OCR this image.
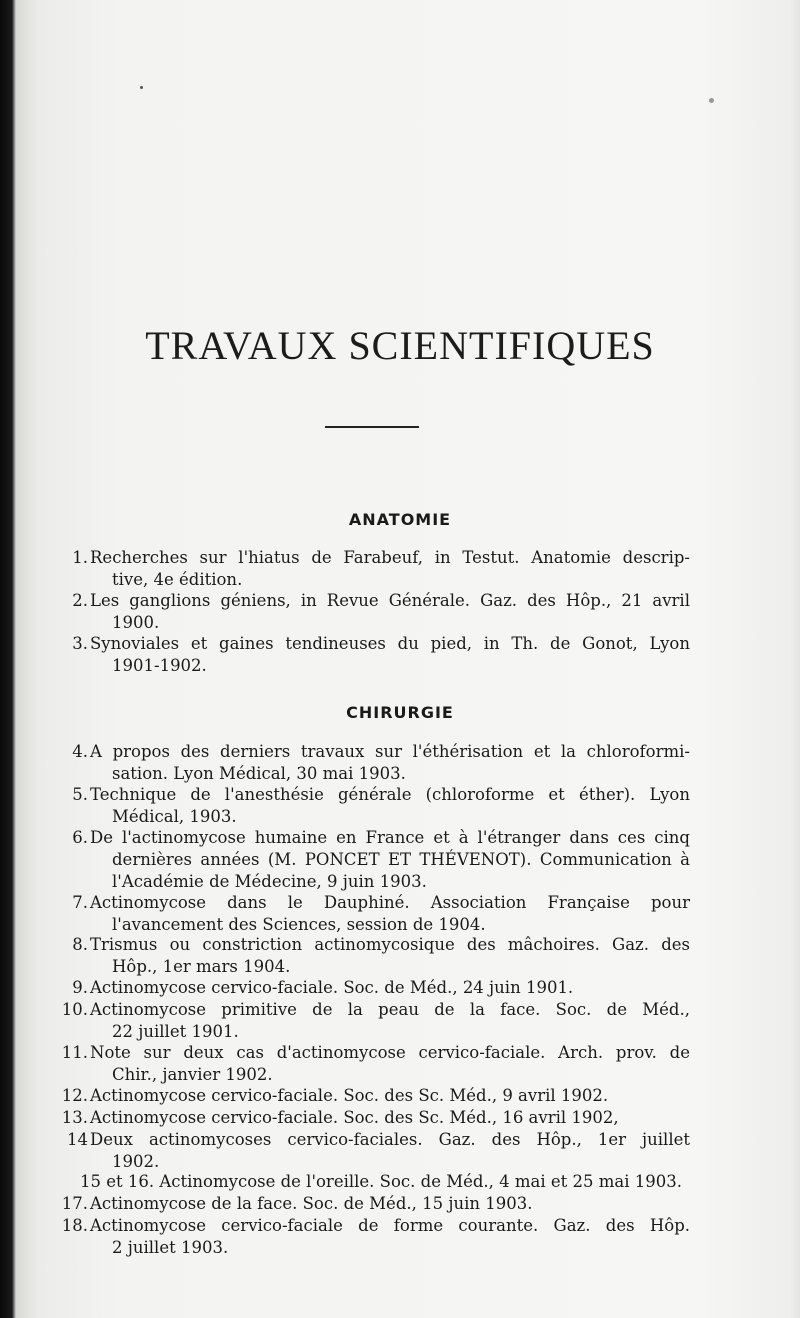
TRAVAUX SCIENTIFIQUES
ANATOMIE
1. Recherches sur l'hiatus de Farabeuf, in Testut. Anatomie descrip-
tive, 4e édition.
2. Les ganglions géniens, in Revue Générale. Gaz. des Hôp., 21 avril
1900.
3. Synoviales et gaines tendineuses du pied, in Th. de Gonot, Lyon
1901-1902.
CHIRURGIE
4. A propos des derniers travaux sur l'éthérisation et la chloroformi-
sation. Lyon Médical, 30 mai 1903.
5. Technique de l'anesthésie générale (chloroforme et éther). Lyon
Médical, 1903.
6. De l'actinomycose humaine en France et à l'étranger dans ces cinq
dernières années (M. PONCET ET THÉVENOT). Communication à
l'Académie de Médecine, 9 juin 1903.
7. Actinomycose dans le Dauphiné. Association Française pour
l'avancement des Sciences, session de 1904.
8. Trismus ou constriction actinomycosique des mâchoires. Gaz. des
Hôp., 1er mars 1904.
9. Actinomycose cervico-faciale. Soc. de Méd., 24 juin 1901.
10. Actinomycose primitive de la peau de la face. Soc. de Méd.,
22 juillet 1901.
11. Note sur deux cas d'actinomycose cervico-faciale. Arch. prov. de
Chir., janvier 1902.
12. Actinomycose cervico-faciale. Soc. des Sc. Méd., 9 avril 1902.
13. Actinomycose cervico-faciale. Soc. des Sc. Méd., 16 avril 1902,
14 Deux actinomycoses cervico-faciales. Gaz. des Hôp., 1er juillet
1902.
15 et 16. Actinomycose de l'oreille. Soc. de Méd., 4 mai et 25 mai 1903.
17. Actinomycose de la face. Soc. de Méd., 15 juin 1903.
18. Actinomycose cervico-faciale de forme courante. Gaz. des Hôp.
2 juillet 1903.
